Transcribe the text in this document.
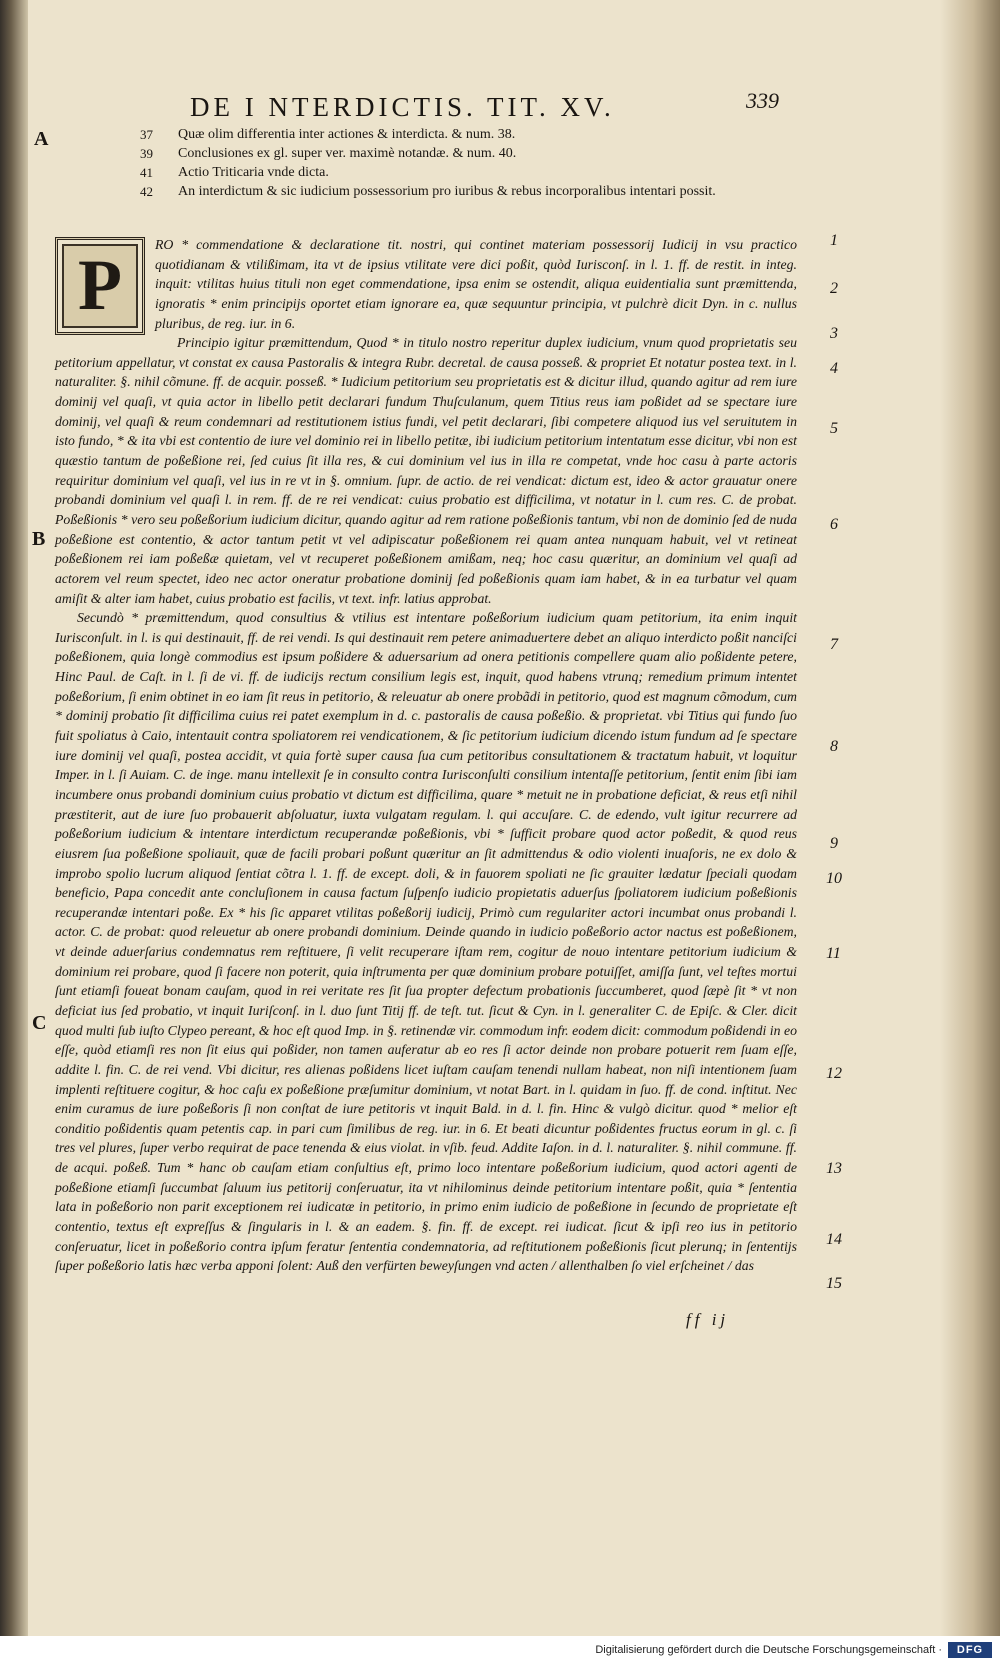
DE I NTERDICTIS. TIT. XV.	339
A
B
C
37	Quæ olim differentia inter actiones & interdicta. & num. 38.
39	Conclusiones ex gl. super ver. maximè notandæ. & num. 40.
41	Actio Triticaria vnde dicta.
42	An interdictum & sic iudicium possessorium pro iuribus & rebus incorporalibus intentari possit.
P

RO * commendatione & declaratione tit. nostri, qui continet materiam possessorij Iudicij in vsu practico quotidianam & vtilißimam, ita vt de ipsius vtilitate vere dici poßit, quòd Iurisconſ. in l. 1. ff. de restit. in integ. inquit: vtilitas huius tituli non eget commendatione, ipsa enim se ostendit, aliqua euidentialia sunt præmittenda, ignoratis * enim principijs oportet etiam ignorare ea, quæ sequuntur principia, vt pulchrè dicit Dyn. in c. nullus pluribus, de reg. iur. in 6.

Principio igitur præmittendum, Quod * in titulo nostro reperitur duplex iudicium, vnum quod proprietatis seu petitorium appellatur, vt constat ex causa Pastoralis & integra Rubr. decretal. de causa posseß. & propriet Et notatur postea text. in l. naturaliter. §. nihil cõmune. ff. de acquir. posseß. * Iudicium petitorium seu proprietatis est & dicitur illud, quando agitur ad rem iure dominij vel quaſi, vt quia actor in libello petit declarari fundum Thuſculanum, quem Titius reus iam poßidet ad se spectare iure dominij, vel quaſi & reum condemnari ad restitutionem istius fundi, vel petit declarari, ſibi competere aliquod ius vel seruitutem in isto fundo, * & ita vbi est contentio de iure vel dominio rei in libello petitæ, ibi iudicium petitorium intentatum esse dicitur, vbi non est quæstio tantum de poßeßione rei, ſed cuius ſit illa res, & cui dominium vel ius in illa re competat, vnde hoc casu à parte actoris requiritur dominium vel quaſi, vel ius in re vt in §. omnium. ſupr. de actio. de rei vendicat: dictum est, ideo & actor grauatur onere probandi dominium vel quaſi l. in rem. ff. de re rei vendicat: cuius probatio est difficilima, vt notatur in l. cum res. C. de probat. Poßeßionis * vero seu poßeßorium iudicium dicitur, quando agitur ad rem ratione poßeßionis tantum, vbi non de dominio ſed de nuda poßeßione est contentio, & actor tantum petit vt vel adipiscatur poßeßionem rei quam antea nunquam habuit, vel vt retineat poßeßionem rei iam poßeßæ quietam, vel vt recuperet poßeßionem amißam, neq; hoc casu quæritur, an dominium vel quaſi ad actorem vel reum spectet, ideo nec actor oneratur probatione dominij ſed poßeßionis quam iam habet, & in ea turbatur vel quam amiſit & alter iam habet, cuius probatio est facilis, vt text. infr. latius approbat.

Secundò * præmittendum, quod consultius & vtilius est intentare poßeßorium iudicium quam petitorium, ita enim inquit Iurisconſult. in l. is qui destinauit, ff. de rei vendi. Is qui destinauit rem petere animaduertere debet an aliquo interdicto poßit nanciſci poßeßionem, quia longè commodius est ipsum poßidere & aduersarium ad onera petitionis compellere quam alio poßidente petere, Hinc Paul. de Caſt. in l. ſi de vi. ff. de iudicijs rectum consilium legis est, inquit, quod habens vtrunq; remedium primum intentet poßeßorium, ſi enim obtinet in eo iam ſit reus in petitorio, & releuatur ab onere probãdi in petitorio, quod est magnum cõmodum, cum * dominij probatio ſit difficilima cuius rei patet exemplum in d. c. pastoralis de causa poßeßio. & proprietat. vbi Titius qui fundo ſuo fuit spoliatus à Caio, intentauit contra spoliatorem rei vendicationem, & ſic petitorium iudicium dicendo istum fundum ad ſe spectare iure dominij vel quaſi, postea accidit, vt quia fortè super causa ſua cum petitoribus consultationem & tractatum habuit, vt loquitur Imper. in l. ſi Auiam. C. de inge. manu intellexit ſe in consulto contra Iurisconſulti consilium intentaſſe petitorium, ſentit enim ſibi iam incumbere onus probandi dominium cuius probatio vt dictum est difficilima, quare * metuit ne in probatione deficiat, & reus etſi nihil præstiterit, aut de iure ſuo probauerit abſoluatur, iuxta vulgatam regulam. l. qui accuſare. C. de edendo, vult igitur recurrere ad poßeßorium iudicium & intentare interdictum recuperandæ poßeßionis, vbi * ſufficit probare quod actor poßedit, & quod reus eiusrem ſua poßeßione spoliauit, quæ de facili probari poßunt quæritur an ſit admittendus & odio violenti inuaſoris, ne ex dolo & improbo spolio lucrum aliquod ſentiat cõtra l. 1. ff. de except. doli, & in fauorem spoliati ne ſic grauiter lædatur ſpeciali quodam beneficio, Papa concedit ante concluſionem in causa factum ſuſpenſo iudicio propietatis aduerſus ſpoliatorem iudicium poßeßionis recuperandæ intentari poße. Ex * his ſic apparet vtilitas poßeßorij iudicij, Primò cum regulariter actori incumbat onus probandi l. actor. C. de probat: quod releuetur ab onere probandi dominium. Deinde quando in iudicio poßeßorio actor nactus est poßeßionem, vt deinde aduerſarius condemnatus rem reſtituere, ſi velit recuperare iſtam rem, cogitur de nouo intentare petitorium iudicium & dominium rei probare, quod ſi facere non poterit, quia inſtrumenta per quæ dominium probare potuiſſet, amiſſa ſunt, vel teſtes mortui ſunt etiamſi foueat bonam cauſam, quod in rei veritate res ſit ſua propter defectum probationis ſuccumberet, quod ſæpè ſit * vt non deficiat ius ſed probatio, vt inquit Iuriſconſ. in l. duo ſunt Titij ff. de teſt. tut. ſicut & Cyn. in l. generaliter C. de Epiſc. & Cler. dicit quod multi ſub iuſto Clypeo pereant, & hoc eſt quod Imp. in §. retinendæ vir. commodum infr. eodem dicit: commodum poßidendi in eo eſſe, quòd etiamſi res non ſit eius qui poßider, non tamen auferatur ab eo res ſi actor deinde non probare potuerit rem ſuam eſſe, addite l. fin. C. de rei vend. Vbi dicitur, res alienas poßidens licet iuſtam cauſam tenendi nullam habeat, non niſi intentionem ſuam implenti reſtituere cogitur, & hoc caſu ex poßeßione præſumitur dominium, vt notat Bart. in l. quidam in ſuo. ff. de cond. inſtitut. Nec enim curamus de iure poßeßoris ſi non conſtat de iure petitoris vt inquit Bald. in d. l. fin. Hinc & vulgò dicitur. quod * melior eſt conditio poßidentis quam petentis cap. in pari cum ſimilibus de reg. iur. in 6. Et beati dicuntur poßidentes fructus eorum in gl. c. ſi tres vel plures, ſuper verbo requirat de pace tenenda & eius violat. in vſib. feud. Addite Iaſon. in d. l. naturaliter. §. nihil commune. ff. de acqui. poßeß. Tum * hanc ob cauſam etiam conſultius eſt, primo loco intentare poßeßorium iudicium, quod actori agenti de poßeßione etiamſi ſuccumbat ſaluum ius petitorij conſeruatur, ita vt nihilominus deinde petitorium intentare poßit, quia * ſententia lata in poßeßorio non parit exceptionem rei iudicatæ in petitorio, in primo enim iudicio de poßeßione in ſecundo de proprietate eſt contentio, textus eſt expreſſus & ſingularis in l. & an eadem. §. fin. ff. de except. rei iudicat. ſicut & ipſi reo ius in petitorio conſeruatur, licet in poßeßorio contra ipſum feratur ſententia condemnatoria, ad reſtitutionem poßeßionis ſicut plerunq; in ſententijs ſuper poßeßorio latis hæc verba apponi ſolent: Auß den verfürten beweyſungen vnd acten / allenthalben ſo viel erſcheinet / das

1
2
3
4
5
6
7
8
9
10
11
12
13
14
15
ff ij
Digitalisierung gefördert durch die Deutsche Forschungsgemeinschaft ·	DFG
